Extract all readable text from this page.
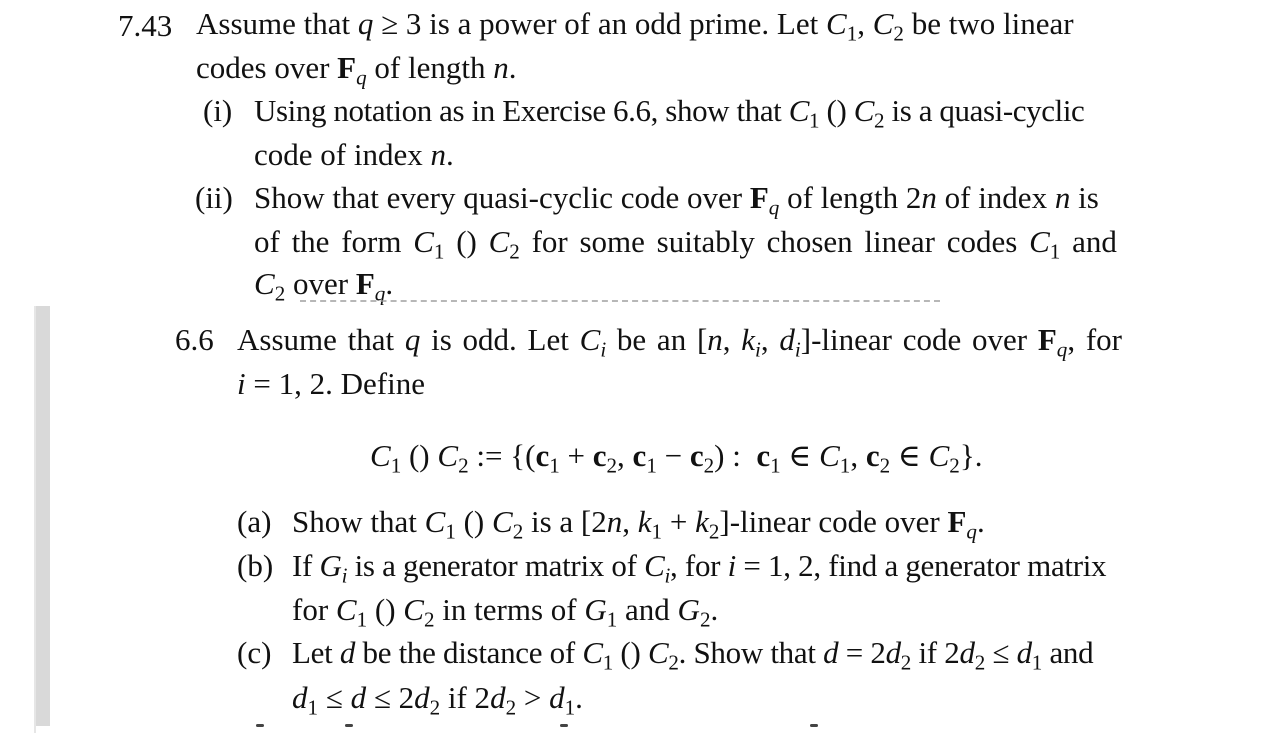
7.43 Assume that q ≥ 3 is a power of an odd prime. Let $C_1$, $C_2$ be two linear
codes over $F_q$ of length n.
(i) Using notation as in Exercise 6.6, show that $C_1$ () $C_2$ is a quasi-cyclic
code of index n.
(ii) Show that every quasi-cyclic code over $F_q$ of length 2n of index n is
of the form $C_1$ () $C_2$ for some suitably chosen linear codes $C_1$ and
$C_2$ over $F_q$.
6.6 Assume that q is odd. Let $C_i$ be an [n, $k_i$, $d_i$]-linear code over $F_q$, for
i = 1, 2. Define
$C_1$ () $C_2$ := {($c_1 + c_2$, $c_1 - c_2$) :  $c_1$ ∈ $C_1$, $c_2$ ∈ $C_2$}.
(a) Show that $C_1$ () $C_2$ is a [2n, $k_1$ + $k_2$]-linear code over $F_q$.
(b) If $G_i$ is a generator matrix of $C_i$, for i = 1, 2, find a generator matrix
for $C_1$ () $C_2$ in terms of $G_1$ and $G_2$.
(c) Let d be the distance of $C_1$ () $C_2$. Show that $d = 2d_2$ if $2d_2 \le d_1$ and
$d_1 \le d \le 2d_2$ if $2d_2 > d_1$.
